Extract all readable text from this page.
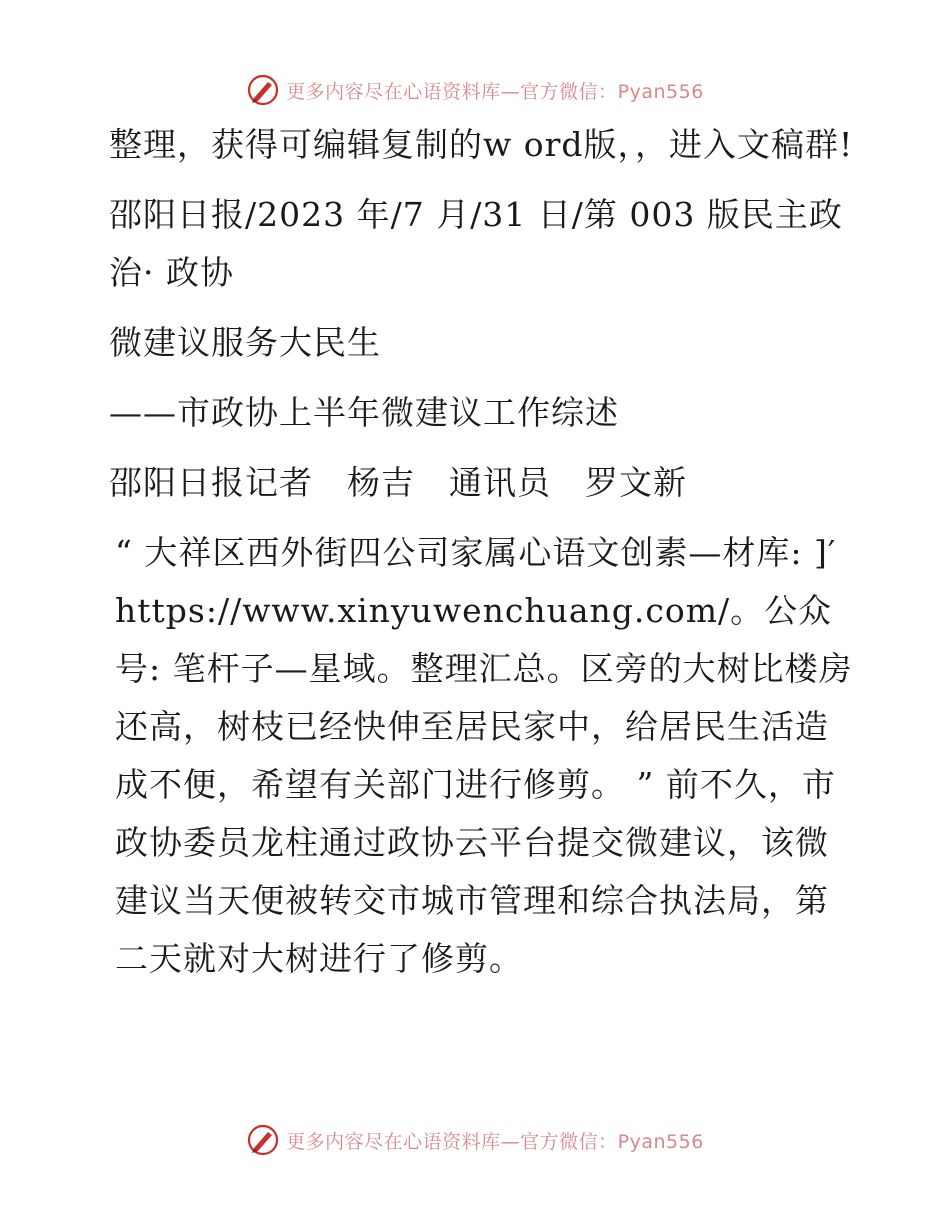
更多内容尽在心语资料库—官方微信：Pyan556

整理，获得可编辑复制的w ord版，，进入文稿群!

邵阳日报/2023 年/7 月/31 日/第 003 版民主政治· 政协

微建议服务大民生

——市政协上半年微建议工作综述

邵阳日报记者 杨吉 通讯员 罗文新

“ 大祥区西外街四公司家属心语文创素—材库: ]′https://www.xinyuwenchuang.com/。公众号: 笔杆子—星域。整理汇总。区旁的大树比楼房还高，树枝已经快伸至居民家中，给居民生活造成不便，希望有关部门进行修剪。 ” 前不久，市政协委员龙柱通过政协云平台提交微建议，该微建议当天便被转交市城市管理和综合执法局，第二天就对大树进行了修剪。

更多内容尽在心语资料库—官方微信：Pyan556
